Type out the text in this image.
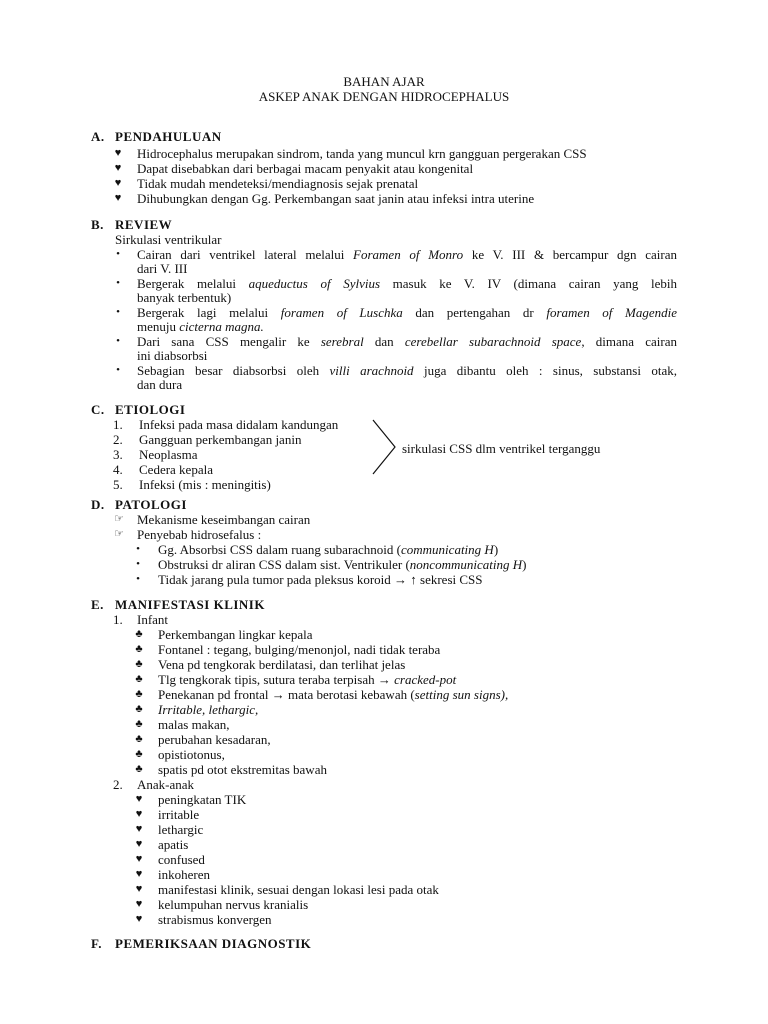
BAHAN AJAR
ASKEP ANAK DENGAN HIDROCEPHALUS
A. PENDAHULUAN
♥ Hidrocephalus merupakan sindrom, tanda yang muncul krn gangguan pergerakan CSS
♥ Dapat disebabkan dari berbagai macam penyakit atau kongenital
♥ Tidak mudah mendeteksi/mendiagnosis sejak prenatal
♥ Dihubungkan dengan Gg. Perkembangan saat janin atau infeksi intra uterine
B. REVIEW
Sirkulasi ventrikular
•	Cairan dari ventrikel lateral melalui Foramen of Monro ke V. III & bercampur dgn cairan
dari V. III
•	Bergerak melalui aqueductus of Sylvius masuk ke V. IV (dimana cairan yang lebih
banyak terbentuk)
•	Bergerak lagi melalui foramen of Luschka dan pertengahan dr foramen of Magendie
menuju cicterna magna.
•	Dari sana CSS mengalir ke serebral dan cerebellar subarachnoid space, dimana cairan
ini diabsorbsi
•	Sebagian besar diabsorbsi oleh villi arachnoid juga dibantu oleh : sinus, substansi otak,
dan dura
C. ETIOLOGI
1. Infeksi pada masa didalam kandungan
2. Gangguan perkembangan janin
3. Neoplasma
4. Cedera kepala
5. Infeksi (mis : meningitis)
sirkulasi CSS dlm ventrikel terganggu
D. PATOLOGI
☞	Mekanisme keseimbangan cairan
☞	Penyebab hidrosefalus :
•	Gg. Absorbsi CSS dalam ruang subarachnoid (communicating H)
•	Obstruksi dr aliran CSS dalam sist. Ventrikuler (noncommunicating H)
•	Tidak jarang pula tumor pada pleksus koroid → ↑ sekresi CSS
E. MANIFESTASI KLINIK
1. Infant
♣ Perkembangan lingkar kepala
♣ Fontanel : tegang, bulging/menonjol, nadi tidak teraba
♣ Vena pd tengkorak berdilatasi, dan terlihat jelas
♣ Tlg tengkorak tipis, sutura teraba terpisah → cracked-pot
♣ Penekanan pd frontal → mata berotasi kebawah (setting sun signs),
♣ Irritable, lethargic,
♣ malas makan,
♣ perubahan kesadaran,
♣ opistiotonus,
♣ spatis pd otot ekstremitas bawah
2. Anak-anak
♥ peningkatan TIK
♥ irritable
♥ lethargic
♥ apatis
♥ confused
♥ inkoheren
♥ manifestasi klinik, sesuai dengan lokasi lesi pada otak
♥ kelumpuhan nervus kranialis
♥ strabismus konvergen
F. PEMERIKSAAN DIAGNOSTIK
